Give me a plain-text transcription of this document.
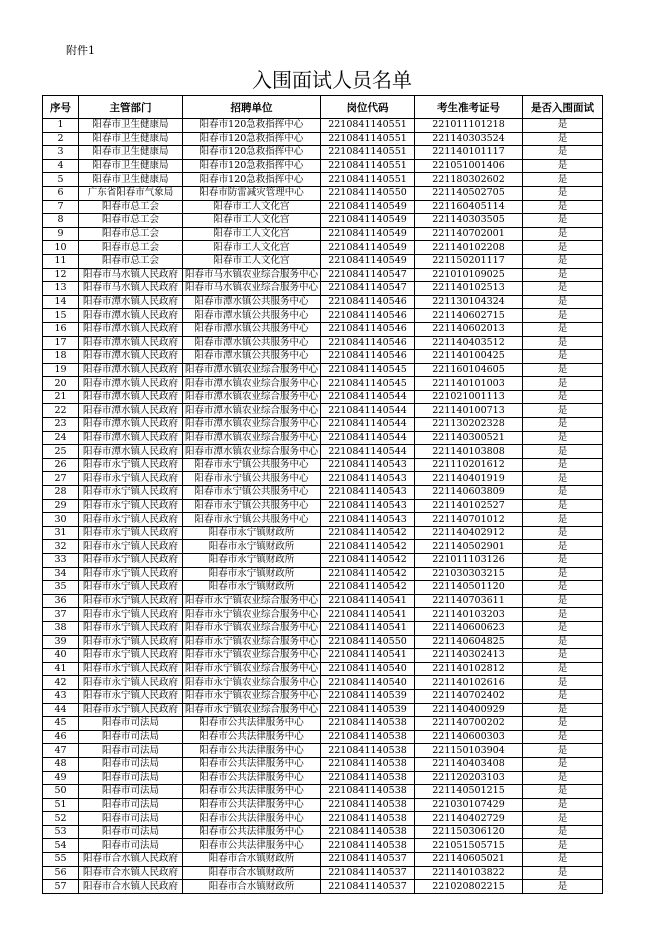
附件1
入围面试人员名单
序号	主管部门	招聘单位	岗位代码	考生准考证号	是否入围面试
1	阳春市卫生健康局	阳春市120急救指挥中心	2210841140551	221011101218	是
2	阳春市卫生健康局	阳春市120急救指挥中心	2210841140551	221140303524	是
3	阳春市卫生健康局	阳春市120急救指挥中心	2210841140551	221140101117	是
4	阳春市卫生健康局	阳春市120急救指挥中心	2210841140551	221051001406	是
5	阳春市卫生健康局	阳春市120急救指挥中心	2210841140551	221180302602	是
6	广东省阳春市气象局	阳春市防雷减灾管理中心	2210841140550	221140502705	是
7	阳春市总工会	阳春市工人文化宫	2210841140549	221160405114	是
8	阳春市总工会	阳春市工人文化宫	2210841140549	221140303505	是
9	阳春市总工会	阳春市工人文化宫	2210841140549	221140702001	是
10	阳春市总工会	阳春市工人文化宫	2210841140549	221140102208	是
11	阳春市总工会	阳春市工人文化宫	2210841140549	221150201117	是
12	阳春市马水镇人民政府	阳春市马水镇农业综合服务中心	2210841140547	221010109025	是
13	阳春市马水镇人民政府	阳春市马水镇农业综合服务中心	2210841140547	221140102513	是
14	阳春市潭水镇人民政府	阳春市潭水镇公共服务中心	2210841140546	221130104324	是
15	阳春市潭水镇人民政府	阳春市潭水镇公共服务中心	2210841140546	221140602715	是
16	阳春市潭水镇人民政府	阳春市潭水镇公共服务中心	2210841140546	221140602013	是
17	阳春市潭水镇人民政府	阳春市潭水镇公共服务中心	2210841140546	221140403512	是
18	阳春市潭水镇人民政府	阳春市潭水镇公共服务中心	2210841140546	221140100425	是
19	阳春市潭水镇人民政府	阳春市潭水镇农业综合服务中心	2210841140545	221160104605	是
20	阳春市潭水镇人民政府	阳春市潭水镇农业综合服务中心	2210841140545	221140101003	是
21	阳春市潭水镇人民政府	阳春市潭水镇农业综合服务中心	2210841140544	221021001113	是
22	阳春市潭水镇人民政府	阳春市潭水镇农业综合服务中心	2210841140544	221140100713	是
23	阳春市潭水镇人民政府	阳春市潭水镇农业综合服务中心	2210841140544	221130202328	是
24	阳春市潭水镇人民政府	阳春市潭水镇农业综合服务中心	2210841140544	221140300521	是
25	阳春市潭水镇人民政府	阳春市潭水镇农业综合服务中心	2210841140544	221140103808	是
26	阳春市永宁镇人民政府	阳春市永宁镇公共服务中心	2210841140543	221110201612	是
27	阳春市永宁镇人民政府	阳春市永宁镇公共服务中心	2210841140543	221140401919	是
28	阳春市永宁镇人民政府	阳春市永宁镇公共服务中心	2210841140543	221140603809	是
29	阳春市永宁镇人民政府	阳春市永宁镇公共服务中心	2210841140543	221140102527	是
30	阳春市永宁镇人民政府	阳春市永宁镇公共服务中心	2210841140543	221140701012	是
31	阳春市永宁镇人民政府	阳春市永宁镇财政所	2210841140542	221140402912	是
32	阳春市永宁镇人民政府	阳春市永宁镇财政所	2210841140542	221140502901	是
33	阳春市永宁镇人民政府	阳春市永宁镇财政所	2210841140542	221011103126	是
34	阳春市永宁镇人民政府	阳春市永宁镇财政所	2210841140542	221030303215	是
35	阳春市永宁镇人民政府	阳春市永宁镇财政所	2210841140542	221140501120	是
36	阳春市永宁镇人民政府	阳春市永宁镇农业综合服务中心	2210841140541	221140703611	是
37	阳春市永宁镇人民政府	阳春市永宁镇农业综合服务中心	2210841140541	221140103203	是
38	阳春市永宁镇人民政府	阳春市永宁镇农业综合服务中心	2210841140541	221140600623	是
39	阳春市永宁镇人民政府	阳春市永宁镇农业综合服务中心	2210841140550	221140604825	是
40	阳春市永宁镇人民政府	阳春市永宁镇农业综合服务中心	2210841140541	221140302413	是
41	阳春市永宁镇人民政府	阳春市永宁镇农业综合服务中心	2210841140540	221140102812	是
42	阳春市永宁镇人民政府	阳春市永宁镇农业综合服务中心	2210841140540	221140102616	是
43	阳春市永宁镇人民政府	阳春市永宁镇农业综合服务中心	2210841140539	221140702402	是
44	阳春市永宁镇人民政府	阳春市永宁镇农业综合服务中心	2210841140539	221140400929	是
45	阳春市司法局	阳春市公共法律服务中心	2210841140538	221140700202	是
46	阳春市司法局	阳春市公共法律服务中心	2210841140538	221140600303	是
47	阳春市司法局	阳春市公共法律服务中心	2210841140538	221150103904	是
48	阳春市司法局	阳春市公共法律服务中心	2210841140538	221140403408	是
49	阳春市司法局	阳春市公共法律服务中心	2210841140538	221120203103	是
50	阳春市司法局	阳春市公共法律服务中心	2210841140538	221140501215	是
51	阳春市司法局	阳春市公共法律服务中心	2210841140538	221030107429	是
52	阳春市司法局	阳春市公共法律服务中心	2210841140538	221140402729	是
53	阳春市司法局	阳春市公共法律服务中心	2210841140538	221150306120	是
54	阳春市司法局	阳春市公共法律服务中心	2210841140538	221051505715	是
55	阳春市合水镇人民政府	阳春市合水镇财政所	2210841140537	221140605021	是
56	阳春市合水镇人民政府	阳春市合水镇财政所	2210841140537	221140103822	是
57	阳春市合水镇人民政府	阳春市合水镇财政所	2210841140537	221020802215	是
